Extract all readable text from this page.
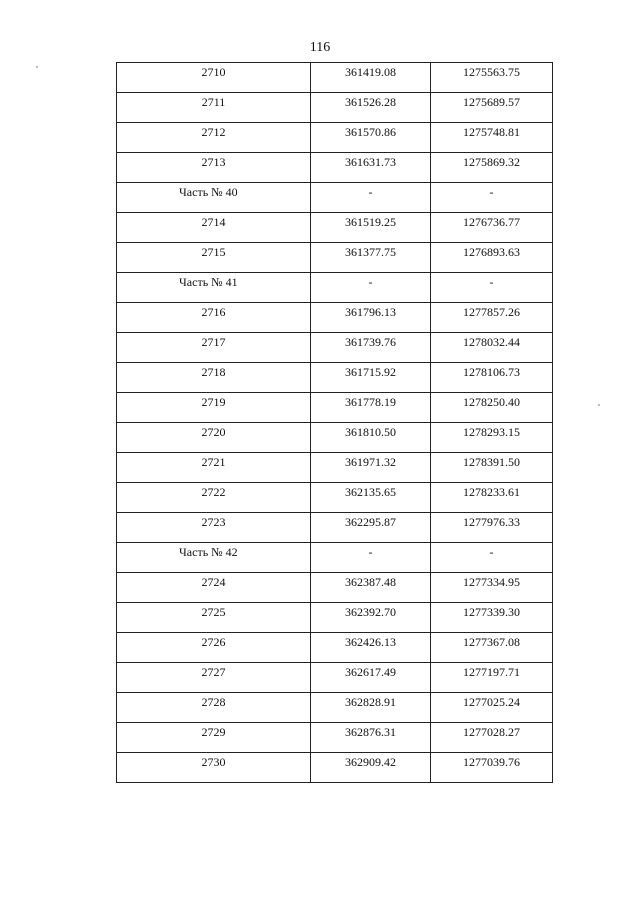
116
2710	361419.08	1275563.75
2711	361526.28	1275689.57
2712	361570.86	1275748.81
2713	361631.73	1275869.32
Часть № 40	-	-
2714	361519.25	1276736.77
2715	361377.75	1276893.63
Часть № 41	-	-
2716	361796.13	1277857.26
2717	361739.76	1278032.44
2718	361715.92	1278106.73
2719	361778.19	1278250.40
2720	361810.50	1278293.15
2721	361971.32	1278391.50
2722	362135.65	1278233.61
2723	362295.87	1277976.33
Часть № 42	-	-
2724	362387.48	1277334.95
2725	362392.70	1277339.30
2726	362426.13	1277367.08
2727	362617.49	1277197.71
2728	362828.91	1277025.24
2729	362876.31	1277028.27
2730	362909.42	1277039.76
